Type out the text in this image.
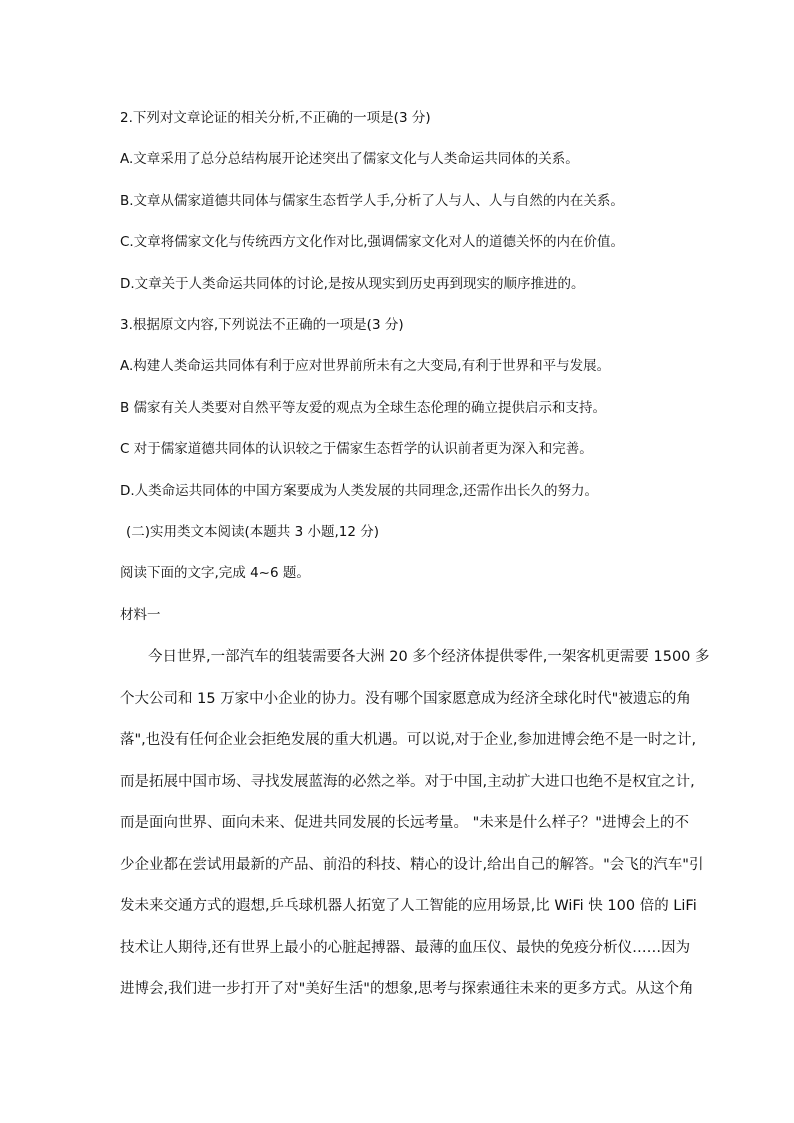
2.下列对文章论证的相关分析,不正确的一项是(3 分)

A.文章采用了总分总结构展开论述突出了儒家文化与人类命运共同体的关系。

B.文章从儒家道德共同体与儒家生态哲学人手,分析了人与人、人与自然的内在关系。

C.文章将儒家文化与传统西方文化作对比,强调儒家文化对人的道德关怀的内在价值。

D.文章关于人类命运共同体的讨论,是按从现实到历史再到现实的顺序推进的。

3.根据原文内容,下列说法不正确的一项是(3 分)

A.构建人类命运共同体有利于应对世界前所未有之大变局,有利于世界和平与发展。

B 儒家有关人类要对自然平等友爱的观点为全球生态伦理的确立提供启示和支持。

C 对于儒家道德共同体的认识较之于儒家生态哲学的认识前者更为深入和完善。

D.人类命运共同体的中国方案要成为人类发展的共同理念,还需作出长久的努力。

(二)实用类文本阅读(本题共 3 小题,12 分)

阅读下面的文字,完成 4~6 题。

材料一

今日世界,一部汽车的组装需要各大洲 20 多个经济体提供零件,一架客机更需要 1500 多

个大公司和 15 万家中小企业的协力。没有哪个国家愿意成为经济全球化时代"被遗忘的角

落",也没有任何企业会拒绝发展的重大机遇。可以说,对于企业,参加进博会绝不是一时之计,

而是拓展中国市场、寻找发展蓝海的必然之举。对于中国,主动扩大进口也绝不是权宜之计,

而是面向世界、面向未来、促进共同发展的长远考量。 "未来是什么样子？"进博会上的不

少企业都在尝试用最新的产品、前沿的科技、精心的设计,给出自己的解答。"会飞的汽车"引

发未来交通方式的遐想,乒乓球机器人拓宽了人工智能的应用场景,比 WiFi 快 100 倍的 LiFi

技术让人期待,还有世界上最小的心脏起搏器、最薄的血压仪、最快的免疫分析仪……因为

进博会,我们进一步打开了对"美好生活"的想象,思考与探索通往未来的更多方式。从这个角
